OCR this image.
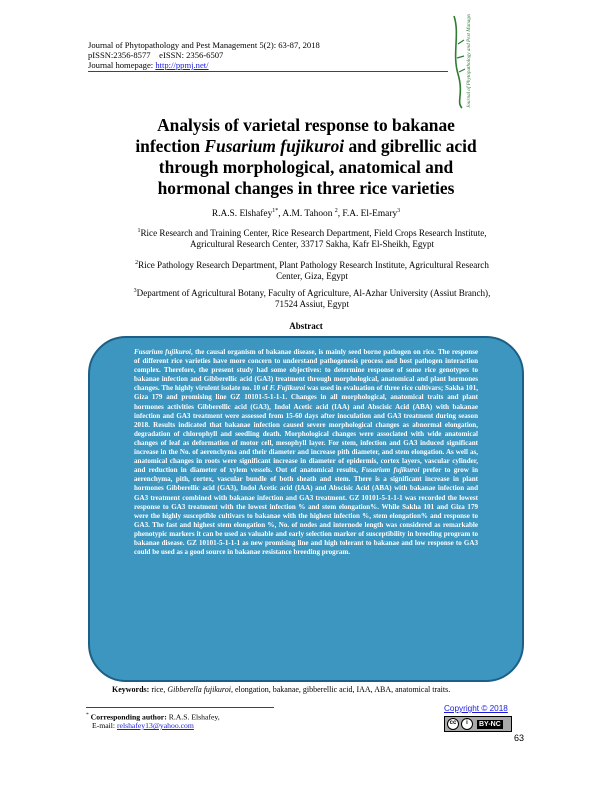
Journal of Phytopathology and Pest Management 5(2): 63-87, 2018
pISSN:2356-8577    eISSN: 2356-6507
Journal homepage: http://ppmj.net/	Journal of Phytopathology and Pest Management
Analysis of varietal response to bakanae
infection Fusarium fujikuroi and gibrellic acid
through morphological, anatomical and
hormonal changes in three rice varieties
R.A.S. Elshafey$^{1*}$, A.M. Tahoon $^2$, F.A. El-Emary$^3$
$^1$Rice Research and Training Center, Rice Research Department, Field Crops Research Institute,
Agricultural Research Center, 33717 Sakha, Kafr El-Sheikh, Egypt
$^2$Rice Pathology Research Department, Plant Pathology Research Institute, Agricultural Research
Center, Giza, Egypt
$^3$Department of Agricultural Botany, Faculty of Agriculture, Al-Azhar University (Assiut Branch),
71524 Assiut, Egypt
Abstract
Fusarium fujikuroi, the causal organism of bakanae disease, is mainly seed borne pathogen on rice. The response of different rice varieties have more concern to understand pathogenesis process and host pathogen interaction complex. Therefore, the present study had some objectives: to determine response of some rice genotypes to bakanae infection and Gibberellic acid (GA3) treatment through morphological, anatomical and plant hormones changes. The highly virulent isolate no. 10 of F. Fujikuroi was used in evaluation of three rice cultivars; Sakha 101, Giza 179 and promising line GZ 10101-5-1-1-1. Changes in all morphological, anatomical traits and plant hormones activities Gibberellic acid (GA3), Indol Acetic acid (IAA) and Abscisic Acid (ABA) with bakanae infection and GA3 treatment were assessed from 15-60 days after inoculation and GA3 treatment during season 2018. Results indicated that bakanae infection caused severe morphological changes as abnormal elongation, degradation of chlorophyll and seedling death. Morphological changes were associated with wide anatomical changes of leaf as deformation of motor cell, mesophyll layer. For stem, infection and GA3 induced significant increase in the No. of aerenchyma and their diameter and increase pith diameter, and stem elongation. As well as, anatomical changes in roots were significant increase in diameter of epidermis, cortex layers, vascular cylinder, and reduction in diameter of xylem vessels. Out of anatomical results, Fusarium fujikuroi prefer to grow in aerenchyma, pith, cortex, vascular bundle of both sheath and stem. There is a significant increase in plant hormones Gibberellic acid (GA3), Indol Acetic acid (IAA) and Abscisic Acid (ABA) with bakanae infection and GA3 treatment combined with bakanae infection and GA3 treatment. GZ 10101-5-1-1-1 was recorded the lowest response to GA3 treatment with the lowest infection % and stem elongation%. While Sakha 101 and Giza 179 were the highly susceptible cultivars to bakanae with the highest infection %, stem elongation% and response to GA3. The fast and highest stem elongation %, No. of nodes and internode length was considered as remarkable phenotypic markers it can be used as valuable and early selection marker of susceptibility in breeding program to bakanae disease. GZ 10101-5-1-1-1 as new promising line and high tolerant to bakanae and low response to GA3 could be used as a good source in bakanae resistance breeding program.
Keywords: rice, Gibberella fujikuroi, elongation, bakanae, gibberellic acid, IAA, ABA, anatomical traits.
* Corresponding author: R.A.S. Elshafey,
E-mail: relshafey13@yahoo.com
Copyright © 2018
cc	i	BY-NC
63
